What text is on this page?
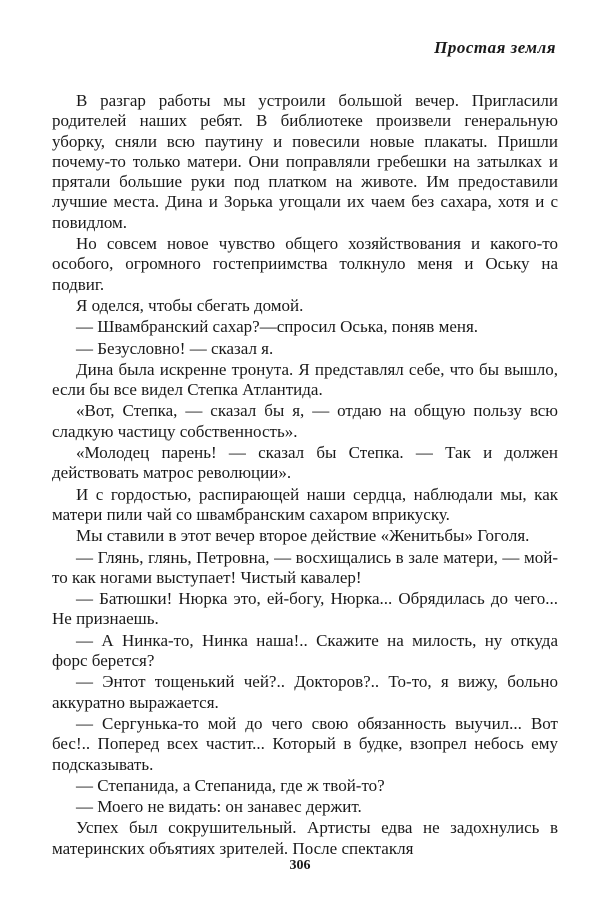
Простая земля

В разгар работы мы устроили большой вечер. Пригласили родителей наших ребят. В библиотеке произвели генеральную уборку, сняли всю паутину и повесили новые плакаты. Пришли почему-то только матери. Они поправляли гребешки на затылках и прятали большие руки под платком на животе. Им предоставили лучшие места. Дина и Зорька угощали их чаем без сахара, хотя и с повидлом.

Но совсем новое чувство общего хозяйствования и какого-то особого, огромного гостеприимства толкнуло меня и Оську на подвиг.

Я оделся, чтобы сбегать домой.

— Швамбранский сахар?—спросил Оська, поняв меня.

— Безусловно! — сказал я.

Дина была искренне тронута. Я представлял себе, что бы вышло, если бы все видел Степка Атлантида.

«Вот, Степка, — сказал бы я, — отдаю на общую пользу всю сладкую частицу собственность».

«Молодец парень! — сказал бы Степка. — Так и должен действовать матрос революции».

И с гордостью, распирающей наши сердца, наблюдали мы, как матери пили чай со швамбранским сахаром вприкуску.

Мы ставили в этот вечер второе действие «Женитьбы» Гоголя.

— Глянь, глянь, Петровна, — восхищались в зале матери, — мой-то как ногами выступает! Чистый кавалер!

— Батюшки! Нюрка это, ей-богу, Нюрка... Обрядилась до чего... Не признаешь.

— А Нинка-то, Нинка наша!.. Скажите на милость, ну откуда форс берется?

— Энтот тощенький чей?.. Докторов?.. То-то, я вижу, больно аккуратно выражается.

— Сергунька-то мой до чего свою обязанность выучил... Вот бес!.. Поперед всех частит... Который в будке, взопрел небось ему подсказывать.

— Степанида, а Степанида, где ж твой-то?

— Моего не видать: он занавес держит.

Успех был сокрушительный. Артисты едва не задохнулись в материнских объятиях зрителей. После спектакля

306
